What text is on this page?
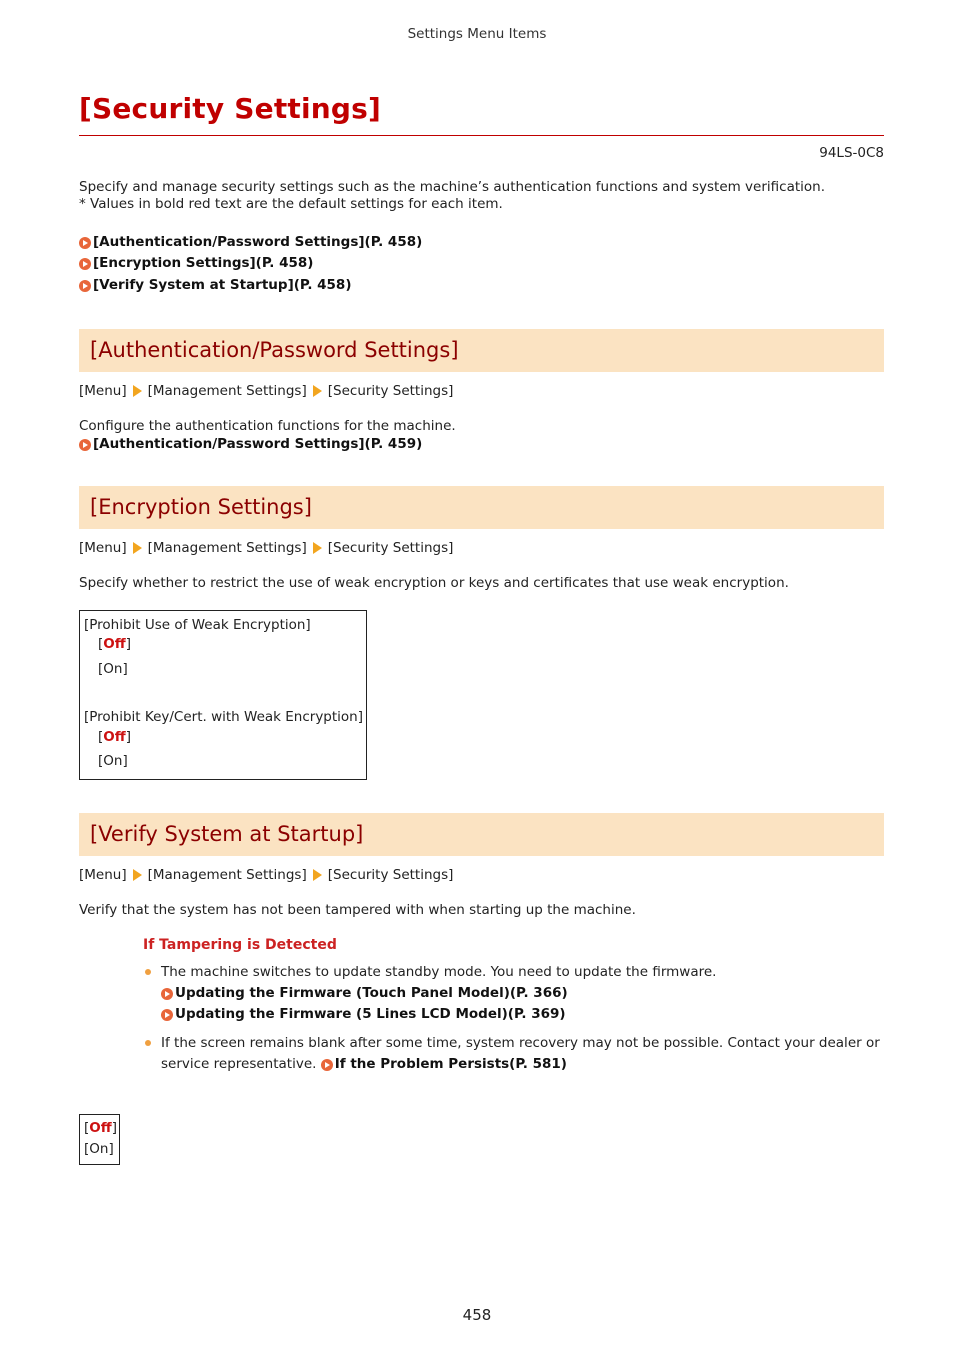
Settings Menu Items
[Security Settings]
94LS-0C8

Specify and manage security settings such as the machine’s authentication functions and system verification.
* Values in bold red text are the default settings for each item.

[Authentication/Password Settings](P. 458)
[Encryption Settings](P. 458)
[Verify System at Startup](P. 458)
[Authentication/Password Settings]
[Menu] [Management Settings] [Security Settings]

Configure the authentication functions for the machine.

[Authentication/Password Settings](P. 459)
[Encryption Settings]
[Menu] [Management Settings] [Security Settings]

Specify whether to restrict the use of weak encryption or keys and certificates that use weak encryption.

[Prohibit Use of Weak Encryption]
[Off]
[On]
[Prohibit Key/Cert. with Weak Encryption]
[Off]
[On]
[Verify System at Startup]
[Menu] [Management Settings] [Security Settings]

Verify that the system has not been tampered with when starting up the machine.

If Tampering is Detected
The machine switches to update standby mode. You need to update the firmware.
Updating the Firmware (Touch Panel Model)(P. 366)
Updating the Firmware (5 Lines LCD Model)(P. 369)
If the screen remains blank after some time, system recovery may not be possible. Contact your dealer or service representative. If the Problem Persists(P. 581)
[Off]
[On]
458
